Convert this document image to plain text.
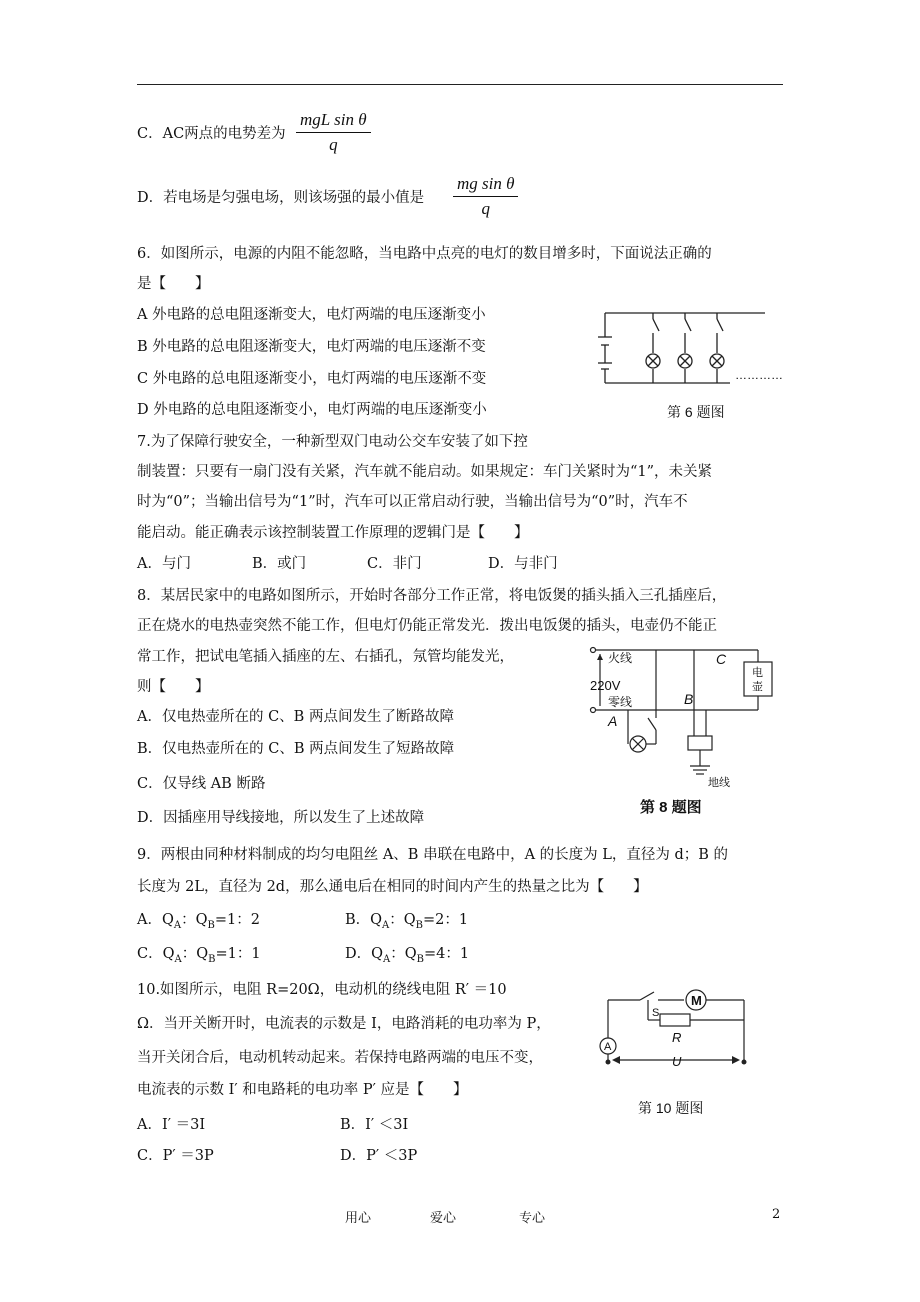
C．AC两点的电势差为
mgL sin θ
q
D．若电场是匀强电场，则该场强的最小值是 $\frac{\text{mg sin θ}}{q}$
6．如图所示，电源的内阻不能忽略，当电路中点亮的电灯的数目增多时，下面说法正确的
是【　　】
A 外电路的总电阻逐渐变大，电灯两端的电压逐渐变小
B 外电路的总电阻逐渐变大，电灯两端的电压逐渐不变
C 外电路的总电阻逐渐变小，电灯两端的电压逐渐不变
D 外电路的总电阻逐渐变小，电灯两端的电压逐渐变小
…………
第 6 题图
7.为了保障行驶安全，一种新型双门电动公交车安装了如下控
制装置：只要有一扇门没有关紧，汽车就不能启动。如果规定：车门关紧时为“1”，未关紧
时为“0”；当输出信号为“1”时，汽车可以正常启动行驶，当输出信号为“0”时，汽车不
能启动。能正确表示该控制装置工作原理的逻辑门是【　　】
A．与门	B．或门	C．非门	D．与非门
8．某居民家中的电路如图所示，开始时各部分工作正常，将电饭煲的插头插入三孔插座后，
正在烧水的电热壶突然不能工作，但电灯仍能正常发光．拨出电饭煲的插头，电壶仍不能正
常工作，把试电笔插入插座的左、右插孔，氖管均能发光，
则【　　】
A．仅电热壶所在的 C、B 两点间发生了断路故障
B．仅电热壶所在的 C、B 两点间发生了短路故障
C．仅导线 AB 断路
D．因插座用导线接地，所以发生了上述故障
火线
220V
零线
C
B
A
电
壶
地线
第 8 题图
9．两根由同种材料制成的均匀电阻丝 A、B 串联在电路中，A 的长度为 L，直径为 d；B 的
长度为 2L，直径为 2d，那么通电后在相同的时间内产生的热量之比为【　　】
A．$Q_A$：$Q_B=1$：2	B．$Q_A$：$Q_B=2$：1
C．$Q_A$：$Q_B=1$：1	D．$Q_A$：$Q_B=4$：1
10.如图所示，电阻 R=20Ω，电动机的绕线电阻 R′ ＝10
Ω．当开关断开时，电流表的示数是 I，电路消耗的电功率为 P，
当开关闭合后，电动机转动起来。若保持电路两端的电压不变，
电流表的示数 I′ 和电路耗的电功率 P′ 应是【　　】
A．I′ ＝3I	B．I′ ＜3I
C．P′ ＝3P	D．P′ ＜3P
M
A
S
R
U
第 10 题图
用心	爱心	专心	2
